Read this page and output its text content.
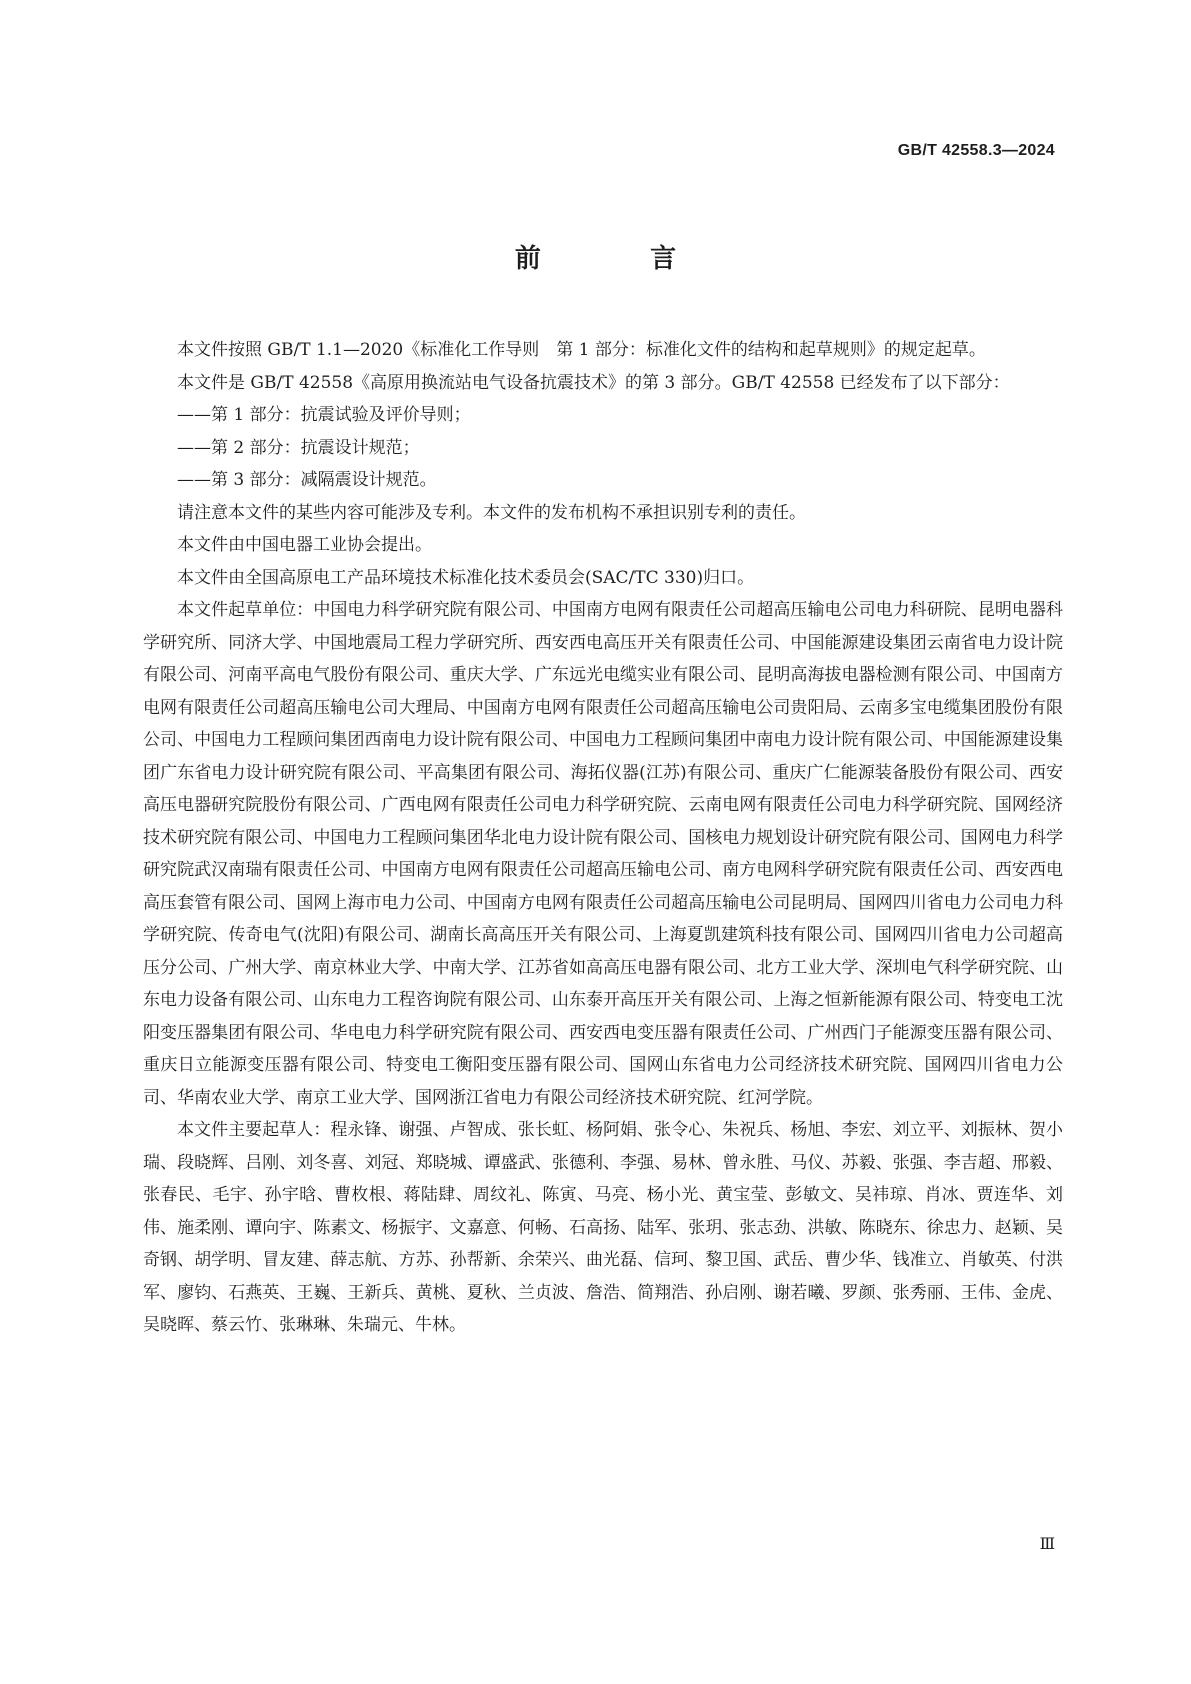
GB/T 42558.3—2024
前　言

本文件按照 GB/T 1.1—2020《标准化工作导则　第 1 部分：标准化文件的结构和起草规则》的规定起草。

本文件是 GB/T 42558《高原用换流站电气设备抗震技术》的第 3 部分。GB/T 42558 已经发布了以下部分：

——第 1 部分：抗震试验及评价导则；
——第 2 部分：抗震设计规范；
——第 3 部分：减隔震设计规范。

请注意本文件的某些内容可能涉及专利。本文件的发布机构不承担识别专利的责任。

本文件由中国电器工业协会提出。

本文件由全国高原电工产品环境技术标准化技术委员会(SAC/TC 330)归口。

本文件起草单位：中国电力科学研究院有限公司、中国南方电网有限责任公司超高压输电公司电力科研院、昆明电器科学研究所、同济大学、中国地震局工程力学研究所、西安西电高压开关有限责任公司、中国能源建设集团云南省电力设计院有限公司、河南平高电气股份有限公司、重庆大学、广东远光电缆实业有限公司、昆明高海拔电器检测有限公司、中国南方电网有限责任公司超高压输电公司大理局、中国南方电网有限责任公司超高压输电公司贵阳局、云南多宝电缆集团股份有限公司、中国电力工程顾问集团西南电力设计院有限公司、中国电力工程顾问集团中南电力设计院有限公司、中国能源建设集团广东省电力设计研究院有限公司、平高集团有限公司、海拓仪器(江苏)有限公司、重庆广仁能源装备股份有限公司、西安高压电器研究院股份有限公司、广西电网有限责任公司电力科学研究院、云南电网有限责任公司电力科学研究院、国网经济技术研究院有限公司、中国电力工程顾问集团华北电力设计院有限公司、国核电力规划设计研究院有限公司、国网电力科学研究院武汉南瑞有限责任公司、中国南方电网有限责任公司超高压输电公司、南方电网科学研究院有限责任公司、西安西电高压套管有限公司、国网上海市电力公司、中国南方电网有限责任公司超高压输电公司昆明局、国网四川省电力公司电力科学研究院、传奇电气(沈阳)有限公司、湖南长高高压开关有限公司、上海夏凯建筑科技有限公司、国网四川省电力公司超高压分公司、广州大学、南京林业大学、中南大学、江苏省如高高压电器有限公司、北方工业大学、深圳电气科学研究院、山东电力设备有限公司、山东电力工程咨询院有限公司、山东泰开高压开关有限公司、上海之恒新能源有限公司、特变电工沈阳变压器集团有限公司、华电电力科学研究院有限公司、西安西电变压器有限责任公司、广州西门子能源变压器有限公司、重庆日立能源变压器有限公司、特变电工衡阳变压器有限公司、国网山东省电力公司经济技术研究院、国网四川省电力公司、华南农业大学、南京工业大学、国网浙江省电力有限公司经济技术研究院、红河学院。

本文件主要起草人：程永锋、谢强、卢智成、张长虹、杨阿娟、张令心、朱祝兵、杨旭、李宏、刘立平、刘振林、贺小瑞、段晓辉、吕刚、刘冬喜、刘冠、郑晓城、谭盛武、张德利、李强、易林、曾永胜、马仪、苏毅、张强、李吉超、邢毅、张春民、毛宇、孙宇晗、曹枚根、蒋陆肆、周纹礼、陈寅、马亮、杨小光、黄宝莹、彭敏文、吴祎琼、肖冰、贾连华、刘伟、施柔刚、谭向宇、陈素文、杨振宇、文嘉意、何畅、石高扬、陆军、张玥、张志劲、洪敏、陈晓东、徐忠力、赵颖、吴奇钢、胡学明、冒友建、薛志航、方苏、孙帮新、余荣兴、曲光磊、信珂、黎卫国、武岳、曹少华、钱准立、肖敏英、付洪军、廖钧、石燕英、王巍、王新兵、黄桃、夏秋、兰贞波、詹浩、简翔浩、孙启刚、谢若曦、罗颜、张秀丽、王伟、金虎、吴晓晖、蔡云竹、张琳琳、朱瑞元、牛林。

Ⅲ
